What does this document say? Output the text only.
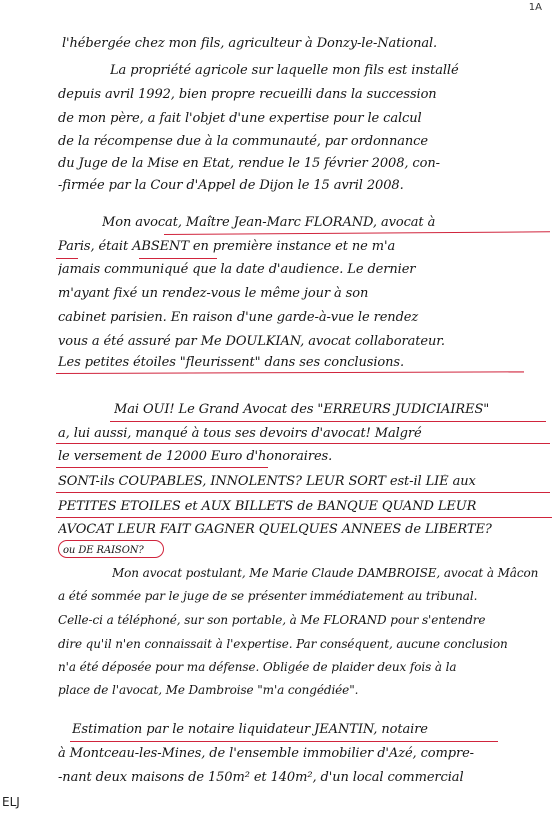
1A
l'hébergée chez mon fils, agriculteur à Donzy-le-National.
La propriété agricole sur laquelle mon fils est installé
depuis avril 1992, bien propre recueilli dans la succession
de mon père, a fait l'objet d'une expertise pour le calcul
de la récompense due à la communauté, par ordonnance
du Juge de la Mise en Etat, rendue le 15 février 2008, con-
-firmée par la Cour d'Appel de Dijon le 15 avril 2008.
Mon avocat, Maître Jean-Marc FLORAND, avocat à
Paris, était ABSENT en première instance et ne m'a
jamais communiqué que la date d'audience. Le dernier
m'ayant fixé un rendez-vous le même jour à son
cabinet parisien. En raison d'une garde-à-vue le rendez
vous a été assuré par Me DOULKIAN, avocat collaborateur.
Les petites étoiles "fleurissent" dans ses conclusions.
Mai OUI! Le Grand Avocat des "ERREURS JUDICIAIRES"
a, lui aussi, manqué à tous ses devoirs d'avocat! Malgré
le versement de 12000 Euro d'honoraires.
SONT-ils COUPABLES, INNOLENTS? LEUR SORT est-il LIÉ aux
PETITES ETOILES et AUX BILLETS de BANQUE QUAND LEUR
AVOCAT LEUR FAIT GAGNER QUELQUES ANNEES de LIBERTE?
ou DE RAISON?
Mon avocat postulant, Me Marie Claude DAMBROISE, avocat à Mâcon
a été sommée par le juge de se présenter immédiatement au tribunal.
Celle-ci a téléphoné, sur son portable, à Me FLORAND pour s'entendre
dire qu'il n'en connaissait à l'expertise. Par conséquent, aucune conclusion
n'a été déposée pour ma défense. Obligée de plaider deux fois à la
place de l'avocat, Me Dambroise "m'a congédiée".
Estimation par le notaire liquidateur JEANTIN, notaire
à Montceau-les-Mines, de l'ensemble immobilier d'Azé, compre-
-nant deux maisons de 150m² et 140m², d'un local commercial
ELJ
